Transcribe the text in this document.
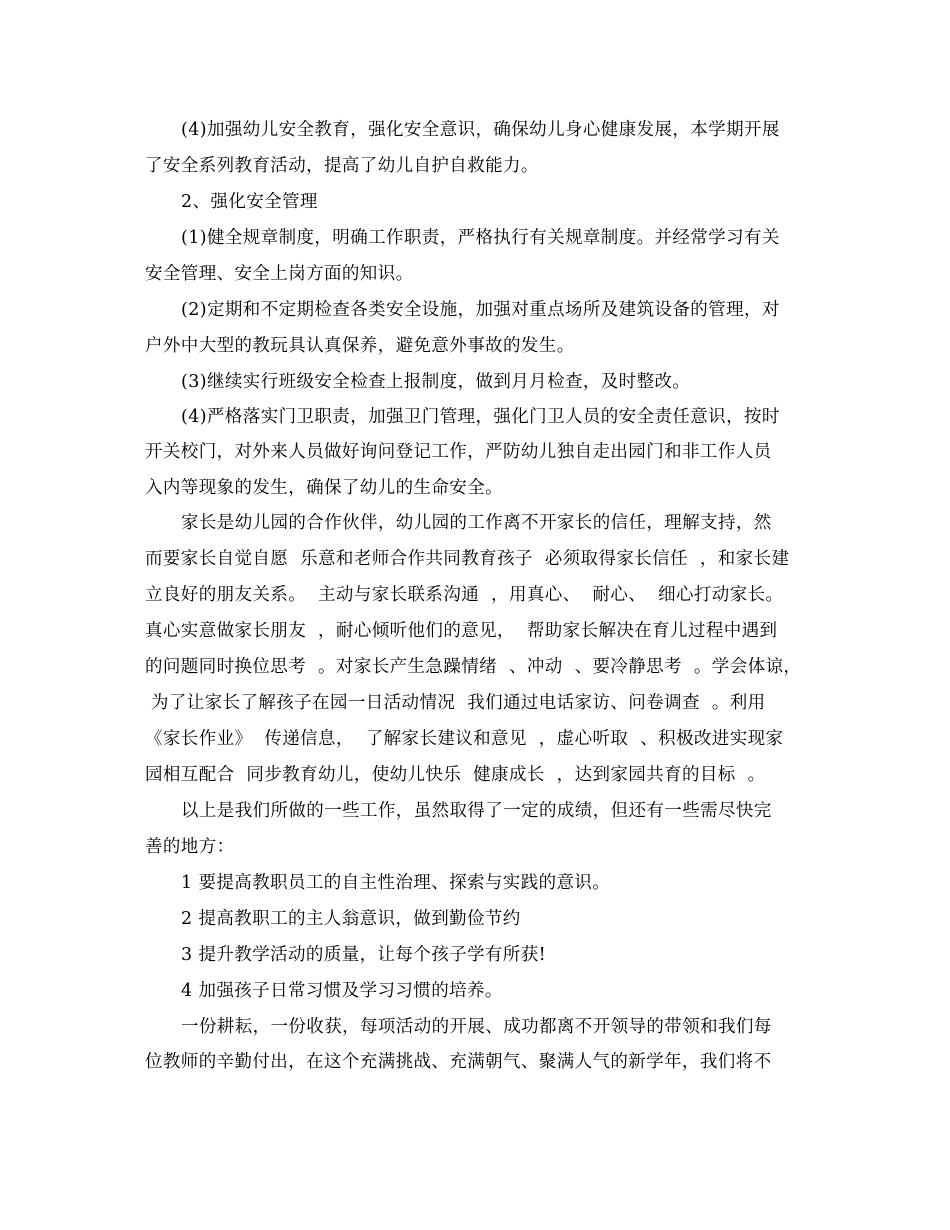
(4)加强幼儿安全教育，强化安全意识，确保幼儿身心健康发展，本学期开展
了安全系列教育活动，提高了幼儿自护自救能力。
2、强化安全管理
(1)健全规章制度，明确工作职责，严格执行有关规章制度。并经常学习有关
安全管理、安全上岗方面的知识。
(2)定期和不定期检查各类安全设施，加强对重点场所及建筑设备的管理，对
户外中大型的教玩具认真保养，避免意外事故的发生。
(3)继续实行班级安全检查上报制度，做到月月检查，及时整改。
(4)严格落实门卫职责，加强卫门管理，强化门卫人员的安全责任意识，按时
开关校门，对外来人员做好询问登记工作，严防幼儿独自走出园门和非工作人员
入内等现象的发生，确保了幼儿的生命安全。
家长是幼儿园的合作伙伴，幼儿园的工作离不开家长的信任，理解支持，然
而要家长自觉自愿  乐意和老师合作共同教育孩子  必须取得家长信任  ，和家长建
立良好的朋友关系。  主动与家长联系沟通  ，用真心、  耐心、  细心打动家长。
真心实意做家长朋友  ，耐心倾听他们的意见，  帮助家长解决在育儿过程中遇到
的问题同时换位思考  。对家长产生急躁情绪  、冲动  、要冷静思考  。学会体谅，
为了让家长了解孩子在园一日活动情况  我们通过电话家访、问卷调查  。利用
《家长作业》  传递信息，  了解家长建议和意见  ，虚心听取  、积极改进实现家
园相互配合  同步教育幼儿，使幼儿快乐  健康成长  ，达到家园共育的目标  。
以上是我们所做的一些工作，虽然取得了一定的成绩，但还有一些需尽快完
善的地方：
1 要提高教职员工的自主性治理、探索与实践的意识。
2 提高教职工的主人翁意识，做到勤俭节约
3 提升教学活动的质量，让每个孩子学有所获!
4 加强孩子日常习惯及学习习惯的培养。
一份耕耘，一份收获，每项活动的开展、成功都离不开领导的带领和我们每
位教师的辛勤付出，在这个充满挑战、充满朝气、聚满人气的新学年，我们将不
